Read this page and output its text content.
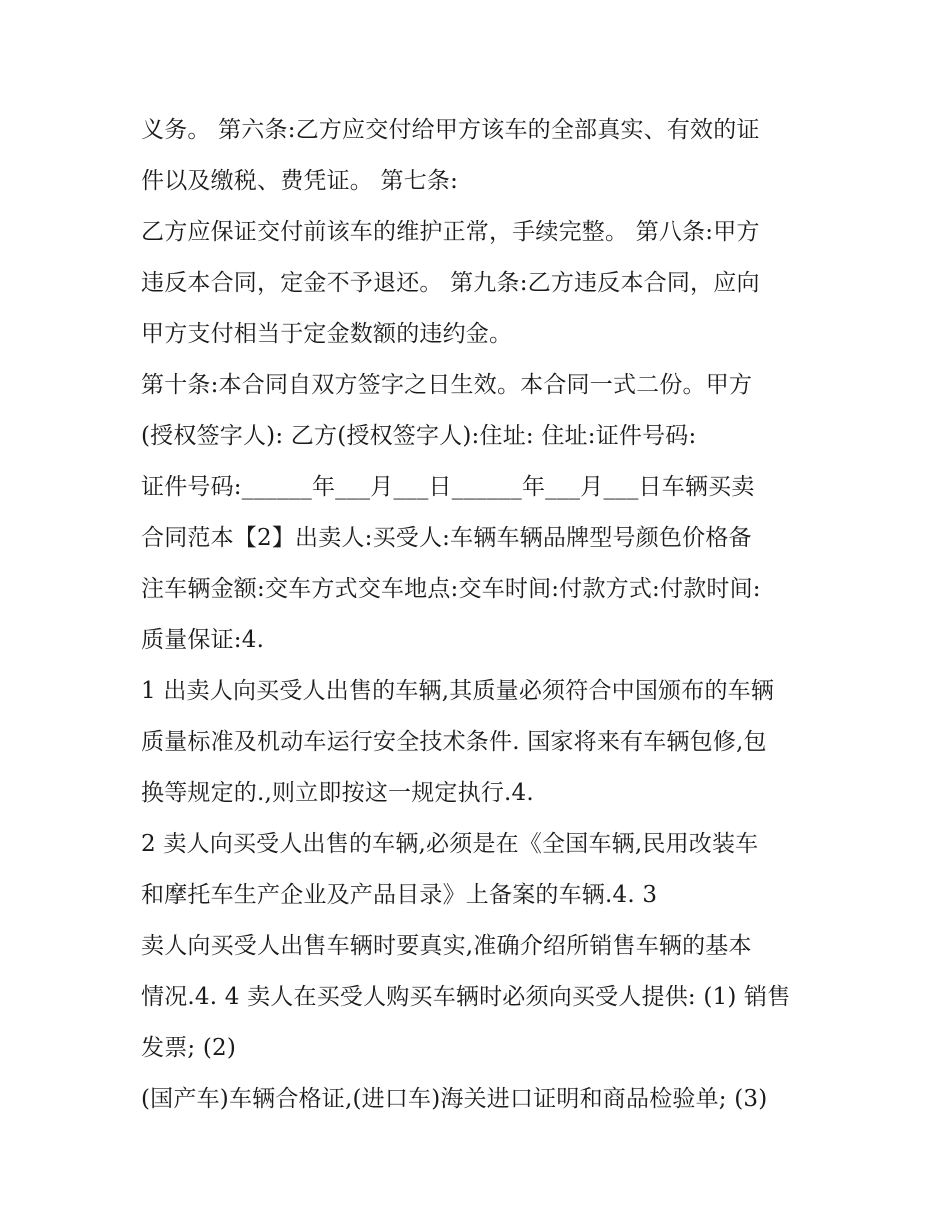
义务。 第六条:乙方应交付给甲方该车的全部真实、有效的证
件以及缴税、费凭证。 第七条:
乙方应保证交付前该车的维护正常，手续完整。 第八条:甲方
违反本合同，定金不予退还。 第九条:乙方违反本合同，应向
甲方支付相当于定金数额的违约金。
第十条:本合同自双方签字之日生效。本合同一式二份。甲方
(授权签字人): 乙方(授权签字人):住址: 住址:证件号码:
证件号码:______年___月___日______年___月___日车辆买卖
合同范本【2】出卖人:买受人:车辆车辆品牌型号颜色价格备
注车辆金额:交车方式交车地点:交车时间:付款方式:付款时间:
质量保证:4.
1 出卖人向买受人出售的车辆,其质量必须符合中国颁布的车辆
质量标准及机动车运行安全技术条件. 国家将来有车辆包修,包
换等规定的.,则立即按这一规定执行.4.
2 卖人向买受人出售的车辆,必须是在《全国车辆,民用改装车
和摩托车生产企业及产品目录》上备案的车辆.4. 3
卖人向买受人出售车辆时要真实,准确介绍所销售车辆的基本
情况.4. 4 卖人在买受人购买车辆时必须向买受人提供: (1) 销售
发票; (2)
(国产车)车辆合格证,(进口车)海关进口证明和商品检验单; (3)
